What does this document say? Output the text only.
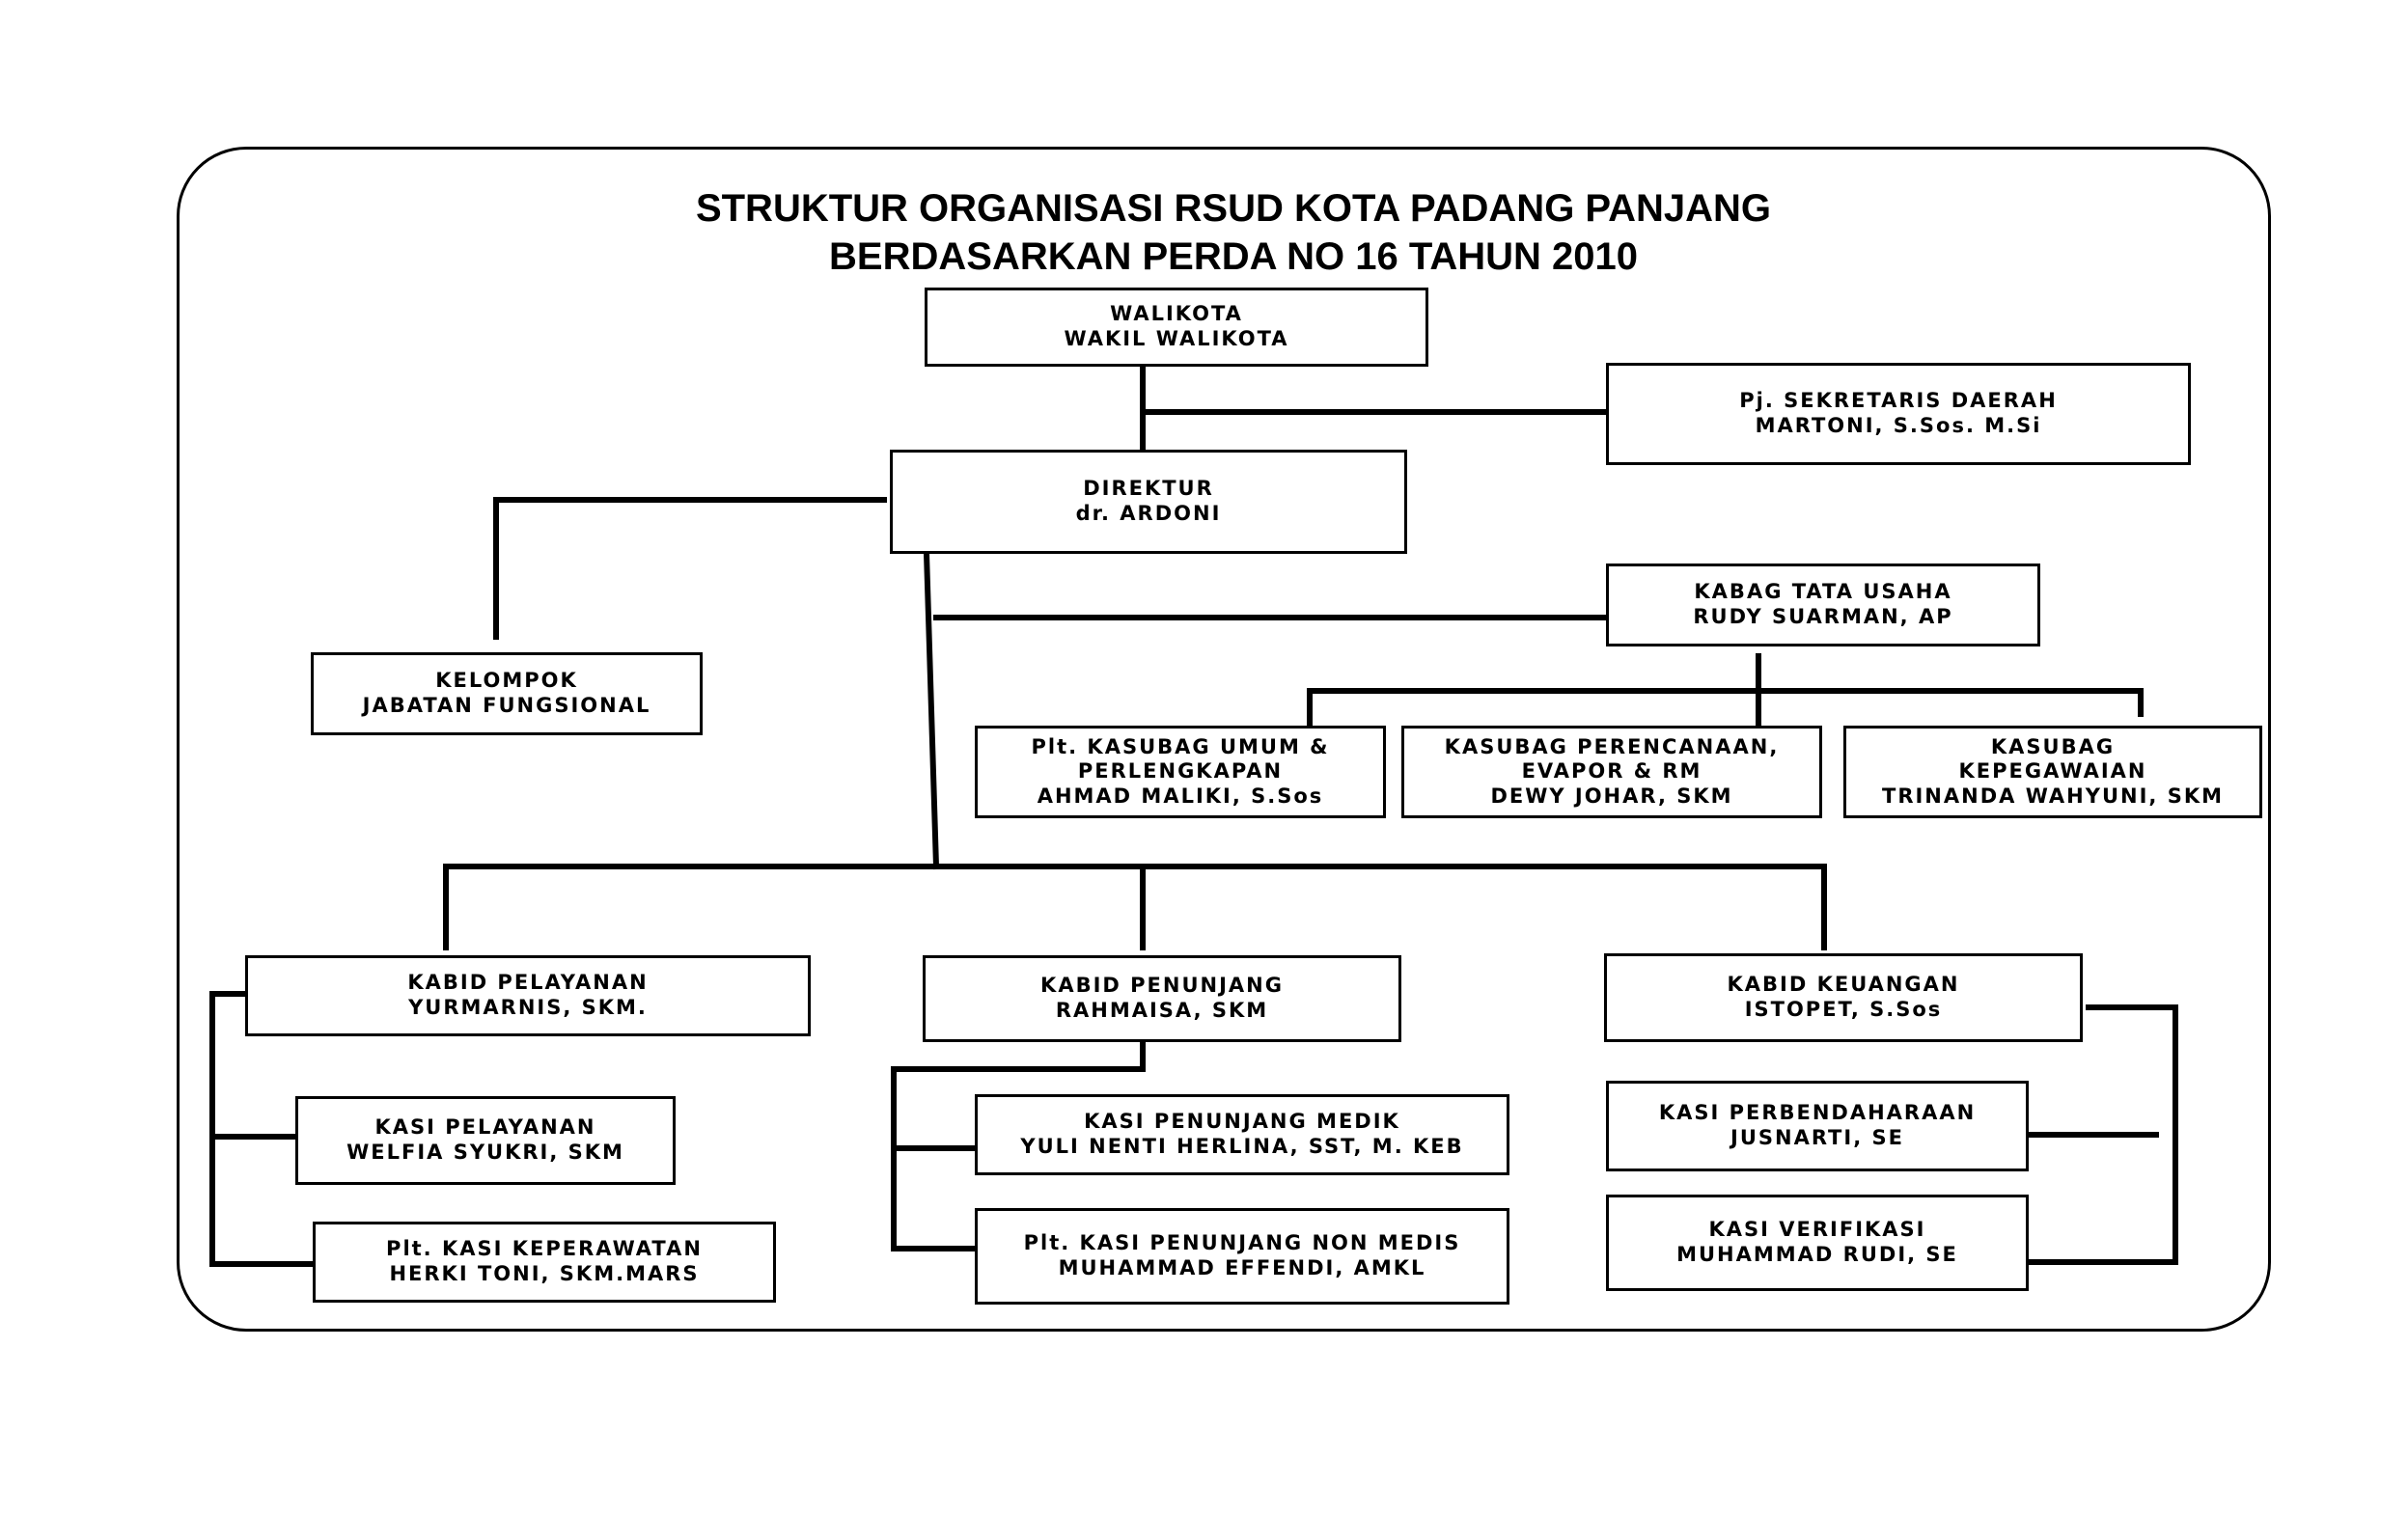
STRUKTUR ORGANISASI RSUD KOTA PADANG PANJANG

BERDASARKAN PERDA NO 16 TAHUN 2010

WALIKOTA
WAKIL WALIKOTA
Pj. SEKRETARIS DAERAH
MARTONI, S.Sos. M.Si
DIREKTUR
dr. ARDONI
KABAG TATA USAHA
RUDY SUARMAN, AP
KELOMPOK
JABATAN FUNGSIONAL
Plt. KASUBAG UMUM &
PERLENGKAPAN
AHMAD MALIKI, S.Sos
KASUBAG PERENCANAAN,
EVAPOR & RM
DEWY JOHAR, SKM
KASUBAG
KEPEGAWAIAN
TRINANDA WAHYUNI, SKM
KABID PELAYANAN
YURMARNIS, SKM.
KABID PENUNJANG
RAHMAISA, SKM
KABID KEUANGAN
ISTOPET, S.Sos
KASI PELAYANAN
WELFIA SYUKRI, SKM
Plt. KASI KEPERAWATAN
HERKI TONI, SKM.MARS
KASI PENUNJANG MEDIK
YULI NENTI HERLINA, SST, M. KEB
Plt. KASI PENUNJANG NON MEDIS
MUHAMMAD EFFENDI, AMKL
KASI PERBENDAHARAAN
JUSNARTI, SE
KASI VERIFIKASI
MUHAMMAD RUDI, SE
